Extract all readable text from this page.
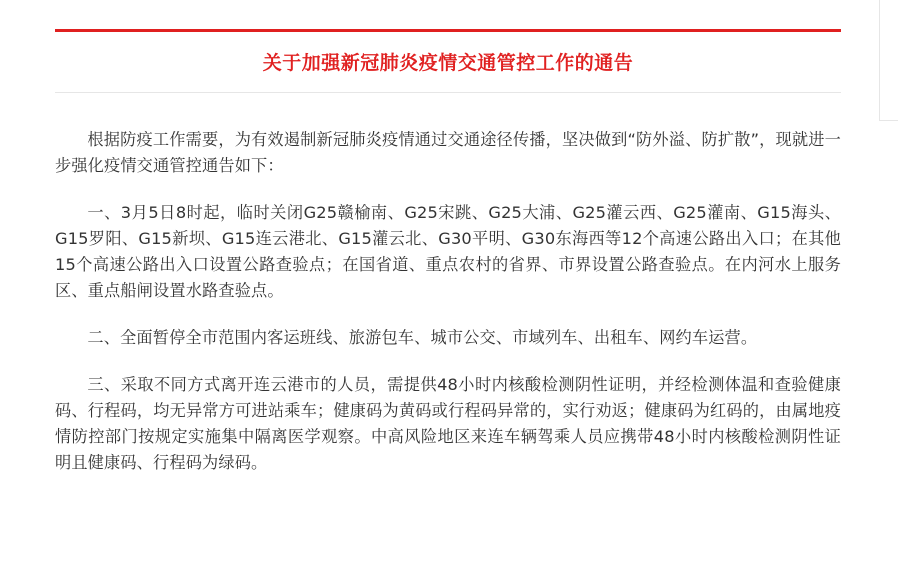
关于加强新冠肺炎疫情交通管控工作的通告

根据防疫工作需要，为有效遏制新冠肺炎疫情通过交通途径传播，坚决做到“防外溢、防扩散”，现就进一步强化疫情交通管控通告如下：

一、3月5日8时起，临时关闭G25赣榆南、G25宋跳、G25大浦、G25灌云西、G25灌南、G15海头、G15罗阳、G15新坝、G15连云港北、G15灌云北、G30平明、G30东海西等12个高速公路出入口；在其他15个高速公路出入口设置公路查验点；在国省道、重点农村的省界、市界设置公路查验点。在内河水上服务区、重点船闸设置水路查验点。

二、全面暂停全市范围内客运班线、旅游包车、城市公交、市域列车、出租车、网约车运营。

三、采取不同方式离开连云港市的人员，需提供48小时内核酸检测阴性证明，并经检测体温和查验健康码、行程码，均无异常方可进站乘车；健康码为黄码或行程码异常的，实行劝返；健康码为红码的，由属地疫情防控部门按规定实施集中隔离医学观察。中高风险地区来连车辆驾乘人员应携带48小时内核酸检测阴性证明且健康码、行程码为绿码。
